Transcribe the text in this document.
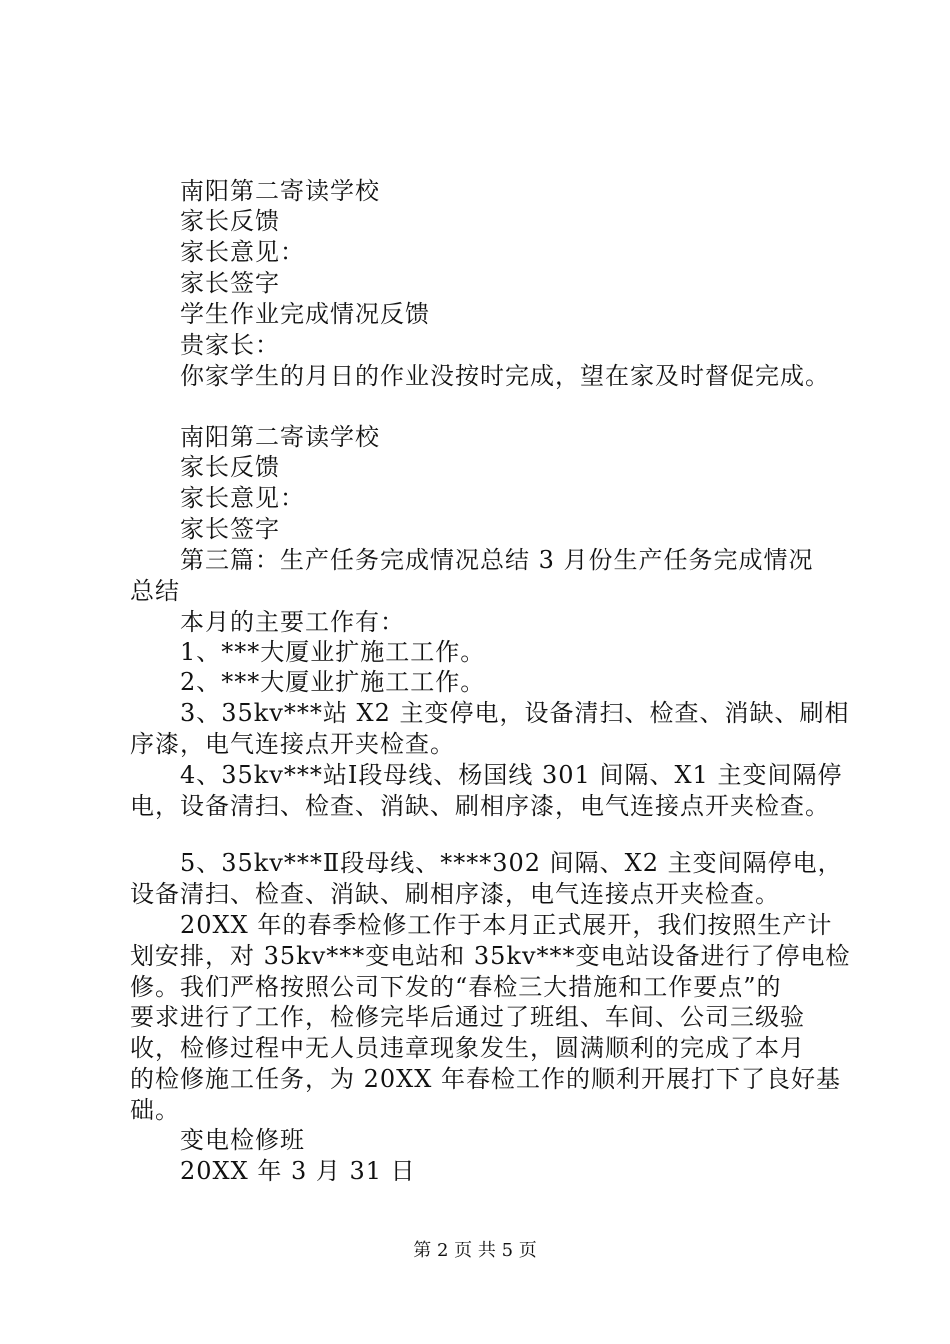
南阳第二寄读学校
家长反馈
家长意见：
家长签字
学生作业完成情况反馈
贵家长：
你家学生的月日的作业没按时完成，望在家及时督促完成。
南阳第二寄读学校
家长反馈
家长意见：
家长签字
第三篇：生产任务完成情况总结 3 月份生产任务完成情况
总结
本月的主要工作有：
1、***大厦业扩施工工作。
2、***大厦业扩施工工作。
3、35kv***站 X2 主变停电，设备清扫、检查、消缺、刷相
序漆，电气连接点开夹检查。
4、35kv***站Ⅰ段母线、杨国线 301 间隔、X1 主变间隔停
电，设备清扫、检查、消缺、刷相序漆，电气连接点开夹检查。
5、35kv***Ⅱ段母线、****302 间隔、X2 主变间隔停电，
设备清扫、检查、消缺、刷相序漆，电气连接点开夹检查。
20XX 年的春季检修工作于本月正式展开，我们按照生产计
划安排，对 35kv***变电站和 35kv***变电站设备进行了停电检
修。我们严格按照公司下发的“春检三大措施和工作要点”的
要求进行了工作，检修完毕后通过了班组、车间、公司三级验
收，检修过程中无人员违章现象发生，圆满顺利的完成了本月
的检修施工任务，为 20XX 年春检工作的顺利开展打下了良好基
础。
变电检修班
20XX 年 3 月 31 日
第 2 页 共 5 页
